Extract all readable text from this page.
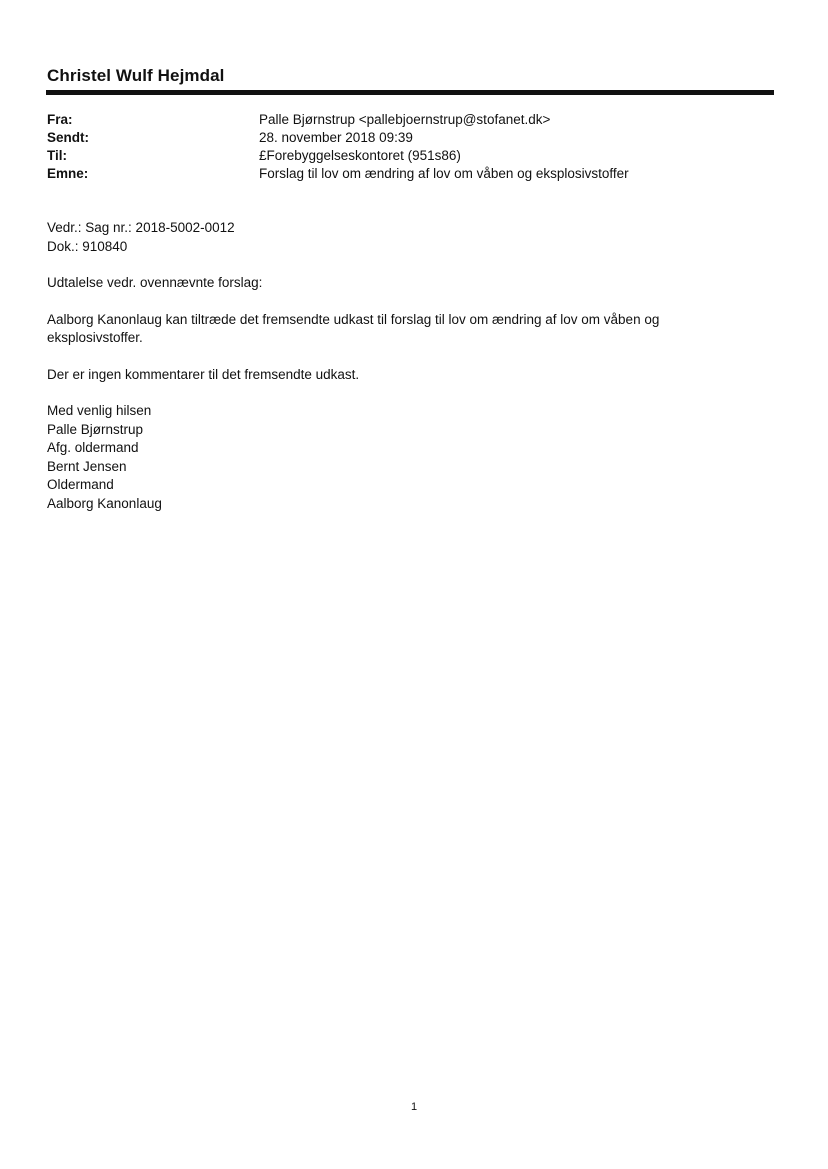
Christel Wulf Hejmdal
Fra:	Palle Bjørnstrup <pallebjoernstrup@stofanet.dk>
Sendt:	28. november 2018 09:39
Til:	£Forebyggelseskontoret (951s86)
Emne:	Forslag til lov om ændring af lov om våben og eksplosivstoffer

Vedr.: Sag nr.: 2018-5002-0012
Dok.: 910840

Udtalelse vedr. ovennævnte forslag:

Aalborg Kanonlaug kan tiltræde det fremsendte udkast til forslag til lov om ændring af lov om våben og
eksplosivstoffer.

Der er ingen kommentarer til det fremsendte udkast.

Med venlig hilsen
Palle Bjørnstrup
Afg. oldermand
Bernt Jensen
Oldermand
Aalborg Kanonlaug

1
